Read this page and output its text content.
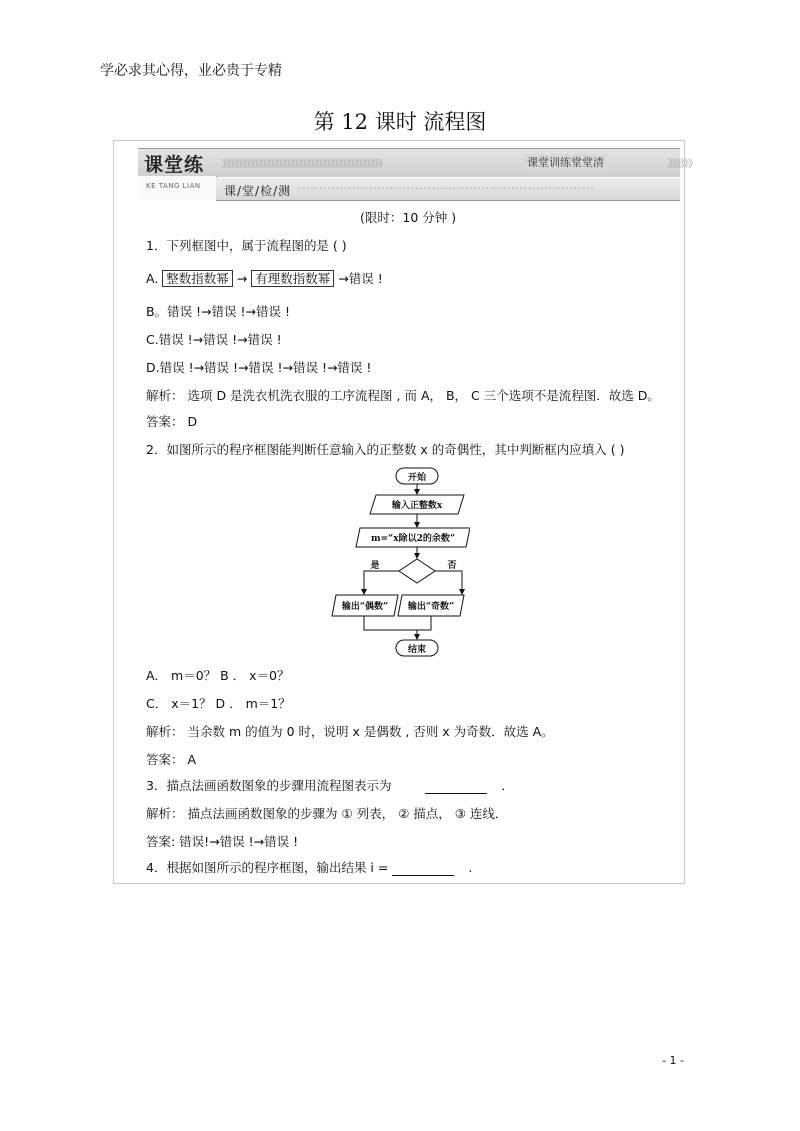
学必求其心得，业必贵于专精
第 12 课时 流程图
课堂练
KE TANG LIAN
》》》》》》》》》》》》》》》》》》》》》》》》》》》》》》》》》》》》》》》》	课堂训练堂堂清	》》》》》》
课/堂/检/测 ·······································································
(限时：10 分钟 )
1．下列框图中，属于流程图的是 ( )
A. 整数指数幂 → 有理数指数幂 →错误 !
B。错误 !→错误 !→错误 !
C.错误 !→错误 !→错误 !
D.错误 !→错误 !→错误 !→错误 !→错误 !
解析： 选项 D 是洗衣机洗衣服的工序流程图 , 而 A， B， C 三个选项不是流程图．故选 D。
答案： D
2．如图所示的程序框图能判断任意输入的正整数 x 的奇偶性，其中判断框内应填入 ( )
开始
输入正整数x
m=“x除以2的余数”
是	否
输出“偶数” 输出“奇数”
结束
A． m＝0？ B ． x＝0？
C． x＝1？ D ． m＝1？
解析： 当余数 m 的值为 0 时，说明 x 是偶数 , 否则 x 为奇数．故选 A。
答案： A
3．描点法画函数图象的步骤用流程图表示为	．
解析： 描点法画函数图象的步骤为 ① 列表， ② 描点， ③ 连线．
答案: 错误!→错误 !→错误 !
4．根据如图所示的程序框图，输出结果 i =	.
- 1 -
